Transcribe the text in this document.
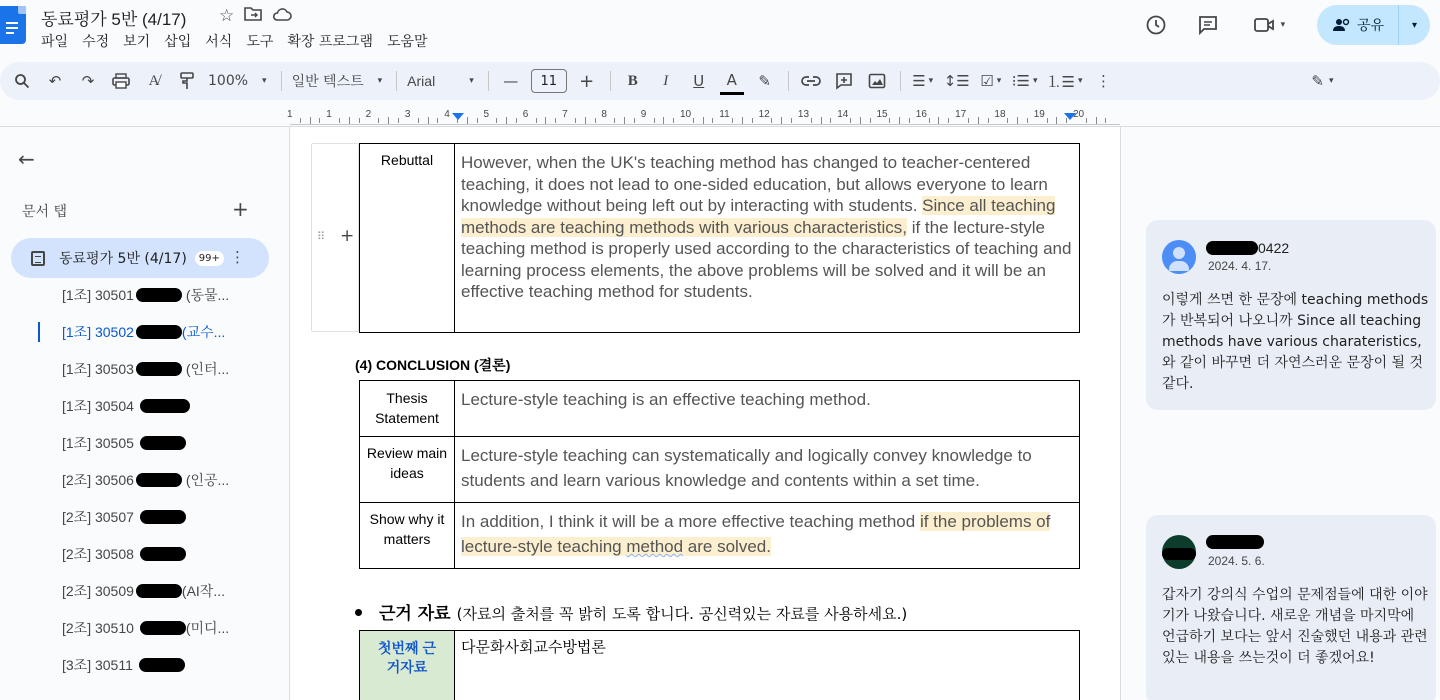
동료평가 5반 (4/17) ☆
파일	수정	보기	삽입	서식	도구	확장 프로그램	도움말
▾	공유	▾
↶	↷	A̸	100% ▾ 일반 텍스트 ▾ Arial	▾	—	11	+	B	I	U	A	✎	☰ ▾ ↕☰ ☑ ▾ ⁝☰ ▾ ⒈☰ ▾ ⋮	✎ ▾
1	1	2	3	4	5	6	7	8	9	10	11	12	13	14	15	16	17	18	19	20
←
문서 탭	+
동료평가 5반 (4/17)	99+ ⋮
[1조] 30501	(동물...
[1조] 30502	(교수...
[1조] 30503	(인터...
[1조] 30504
[1조] 30505
[2조] 30506	(인공...
[2조] 30507
[2조] 30508
[2조] 30509	(AI작...
[2조] 30510	(미디...
[3조] 30511
⠿ +
Rebuttal	However, when the UK's teaching method has changed to teacher-centered teaching, it does not lead to one-sided education, but allows everyone to learn knowledge without being left out by interacting with students. Since all teaching methods are teaching methods with various characteristics, if the lecture-style teaching method is properly used according to the characteristics of teaching and learning process elements, the above problems will be solved and it will be an effective teaching method for students.
(4) CONCLUSION (결론)
Thesis Statement	Lecture-style teaching is an effective teaching method.
Review main ideas	Lecture-style teaching can systematically and logically convey knowledge to students and learn various knowledge and contents within a set time.
Show why it matters	In addition, I think it will be a more effective teaching method if the problems of lecture-style teaching method are solved.
근거 자료 (자료의 출처를 꼭 밝히 도록 합니다. 공신력있는 자료를 사용하세요.)
첫번째 근거자료	다문화사회교수방법론
0422
2024. 4. 17.
이렇게 쓰면 한 문장에 teaching methods가 반복되어 나오니까 Since all teaching methods have various charateristics, 와 같이 바꾸면 더 자연스러운 문장이 될 것 같다.
2024. 5. 6.
갑자기 강의식 수업의 문제점들에 대한 이야기가 나왔습니다. 새로운 개념을 마지막에 언급하기 보다는 앞서 진술했던 내용과 관련있는 내용을 쓰는것이 더 좋겠어요!
